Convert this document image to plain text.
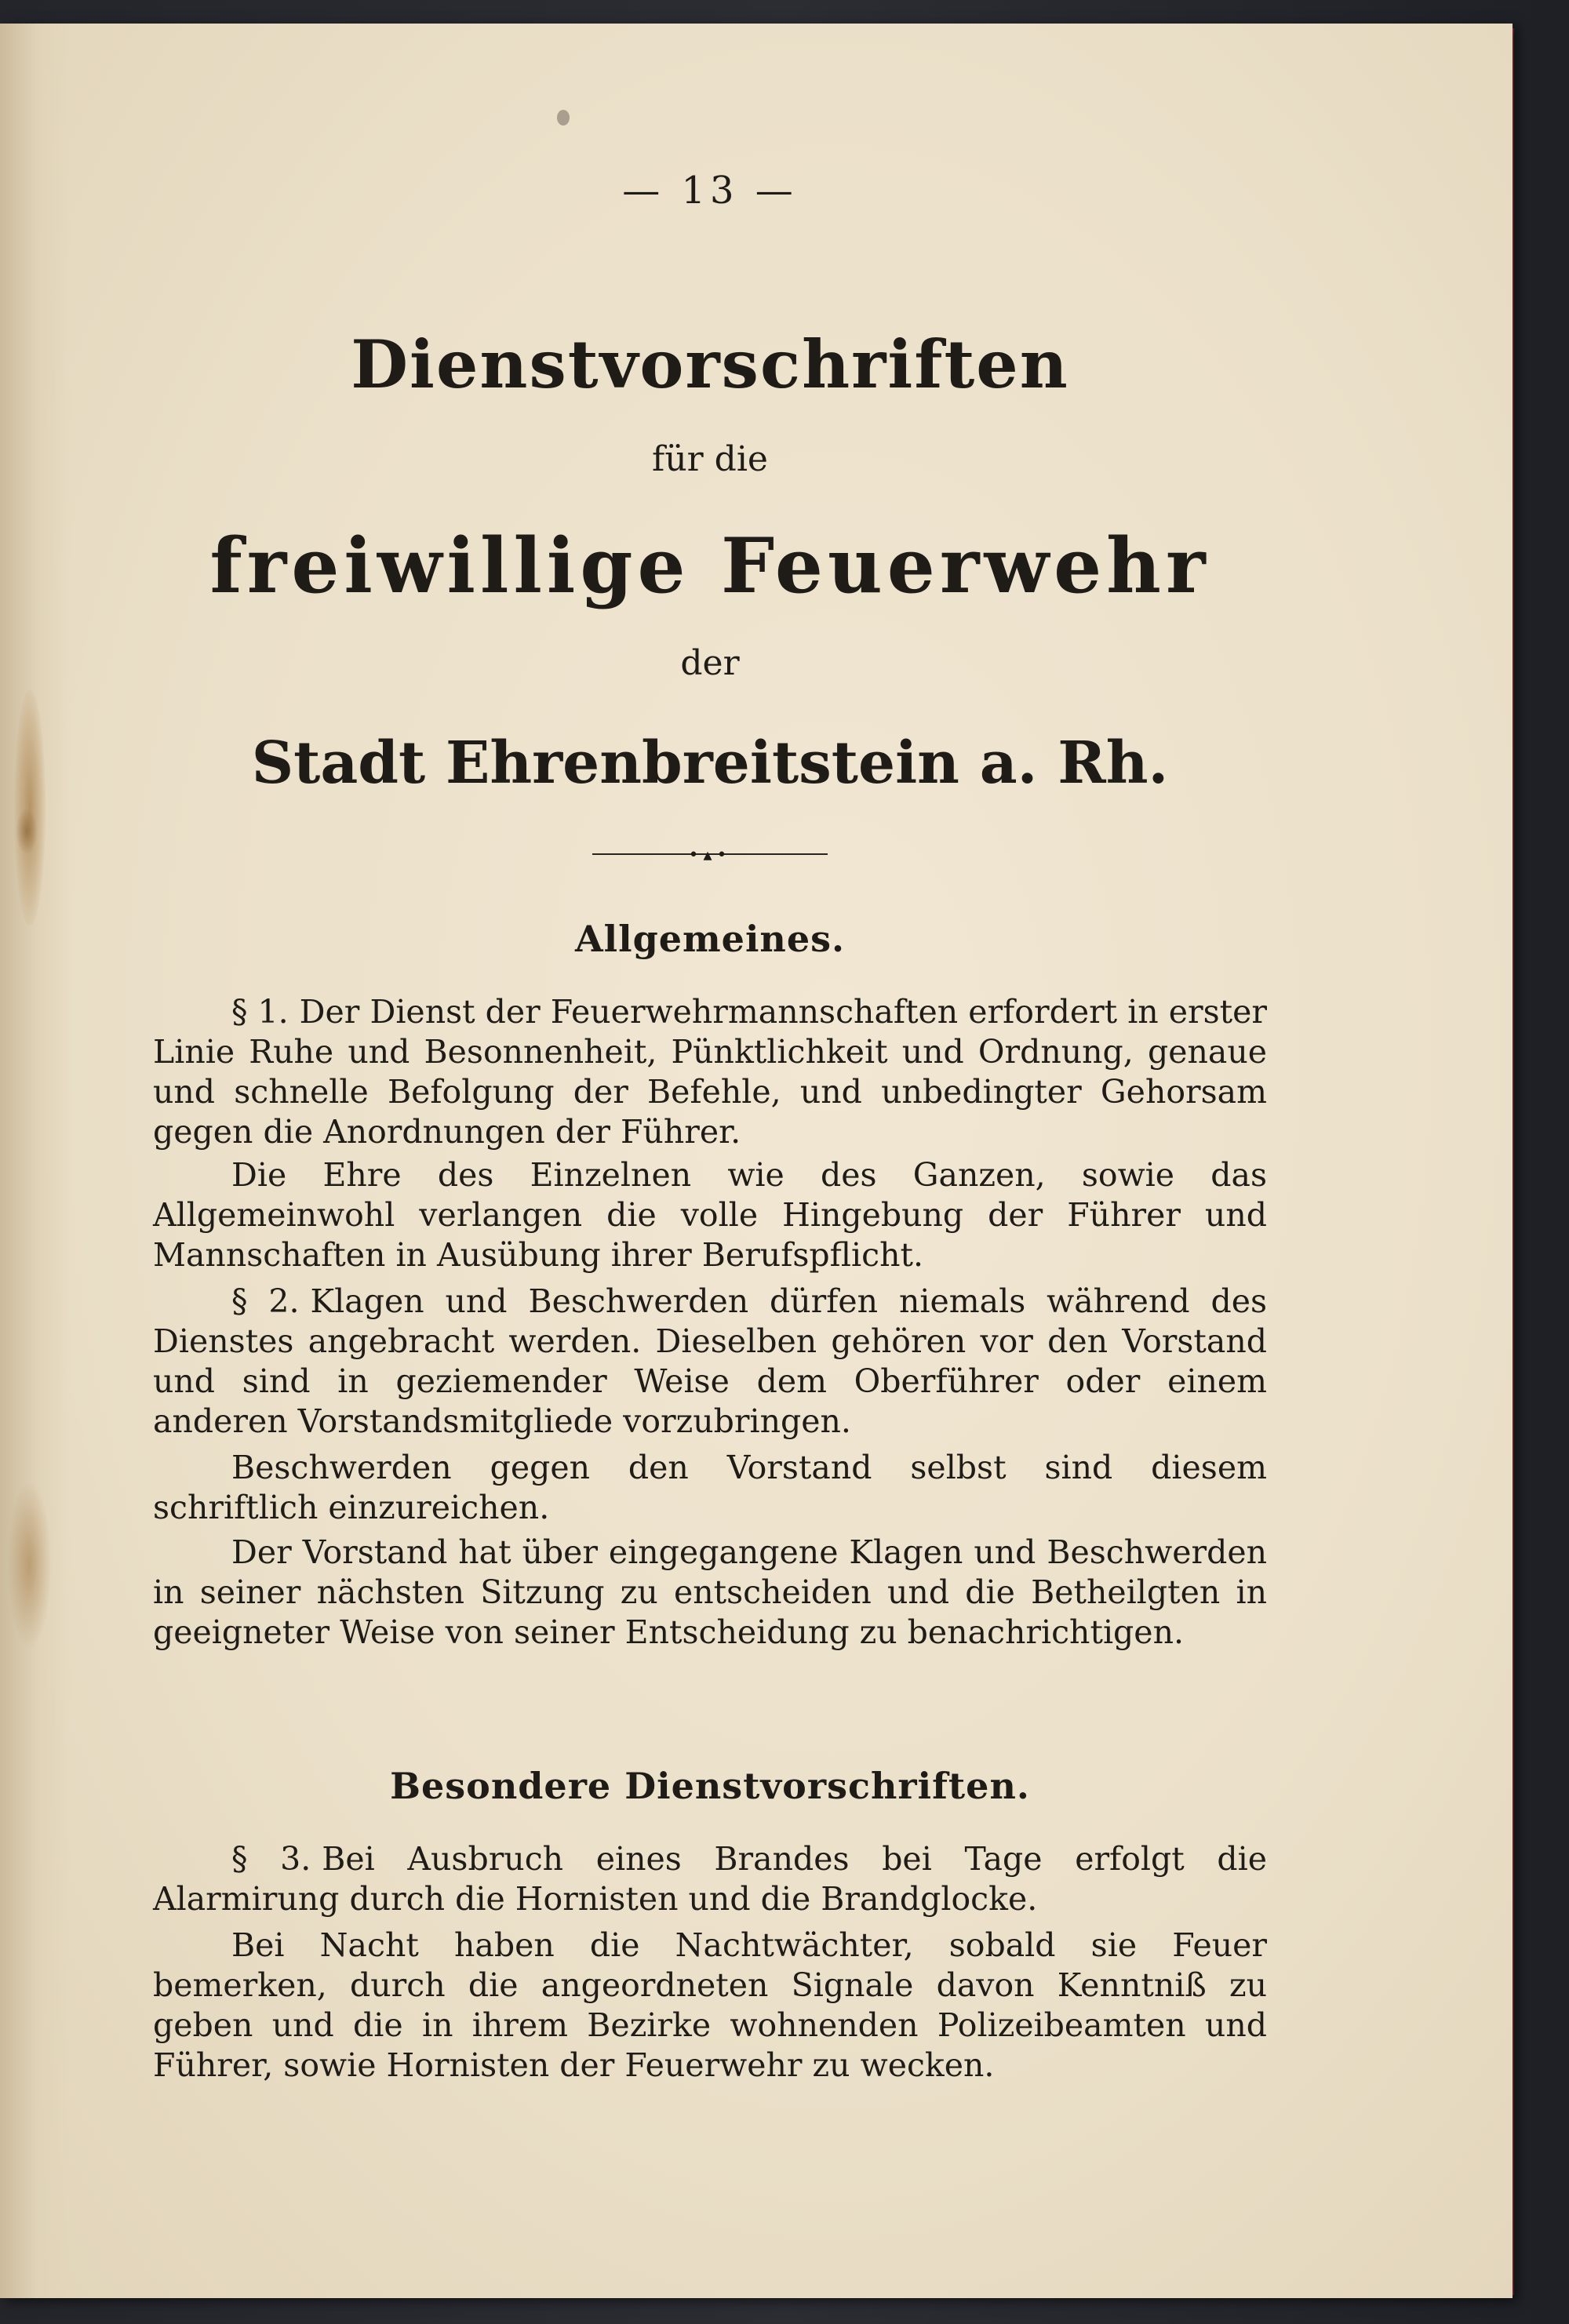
— 13 —
Dienstvorschriften
für die
freiwillige Feuerwehr
der
Stadt Ehrenbreitstein a. Rh.
•▴•
Allgemeines.
§ 1. Der Dienst der Feuerwehrmannschaften erfordert in erster Linie Ruhe und Besonnenheit, Pünktlichkeit und Ordnung, genaue und schnelle Befolgung der Befehle, und unbedingter Gehorsam gegen die Anordnungen der Führer.
Die Ehre des Einzelnen wie des Ganzen, sowie das Allgemeinwohl verlangen die volle Hingebung der Führer und Mannschaften in Ausübung ihrer Berufspflicht.
§ 2. Klagen und Beschwerden dürfen niemals während des Dienstes angebracht werden. Dieselben gehören vor den Vorstand und sind in geziemender Weise dem Oberführer oder einem anderen Vorstandsmitgliede vorzubringen.
Beschwerden gegen den Vorstand selbst sind diesem schriftlich einzureichen.
Der Vorstand hat über eingegangene Klagen und Beschwerden in seiner nächsten Sitzung zu entscheiden und die Betheilgten in geeigneter Weise von seiner Entscheidung zu benachrichtigen.
Besondere Dienstvorschriften.
§ 3. Bei Ausbruch eines Brandes bei Tage erfolgt die Alarmirung durch die Hornisten und die Brandglocke.
Bei Nacht haben die Nachtwächter, sobald sie Feuer bemerken, durch die angeordneten Signale davon Kenntniß zu geben und die in ihrem Bezirke wohnenden Polizeibeamten und Führer, sowie Hornisten der Feuerwehr zu wecken.
